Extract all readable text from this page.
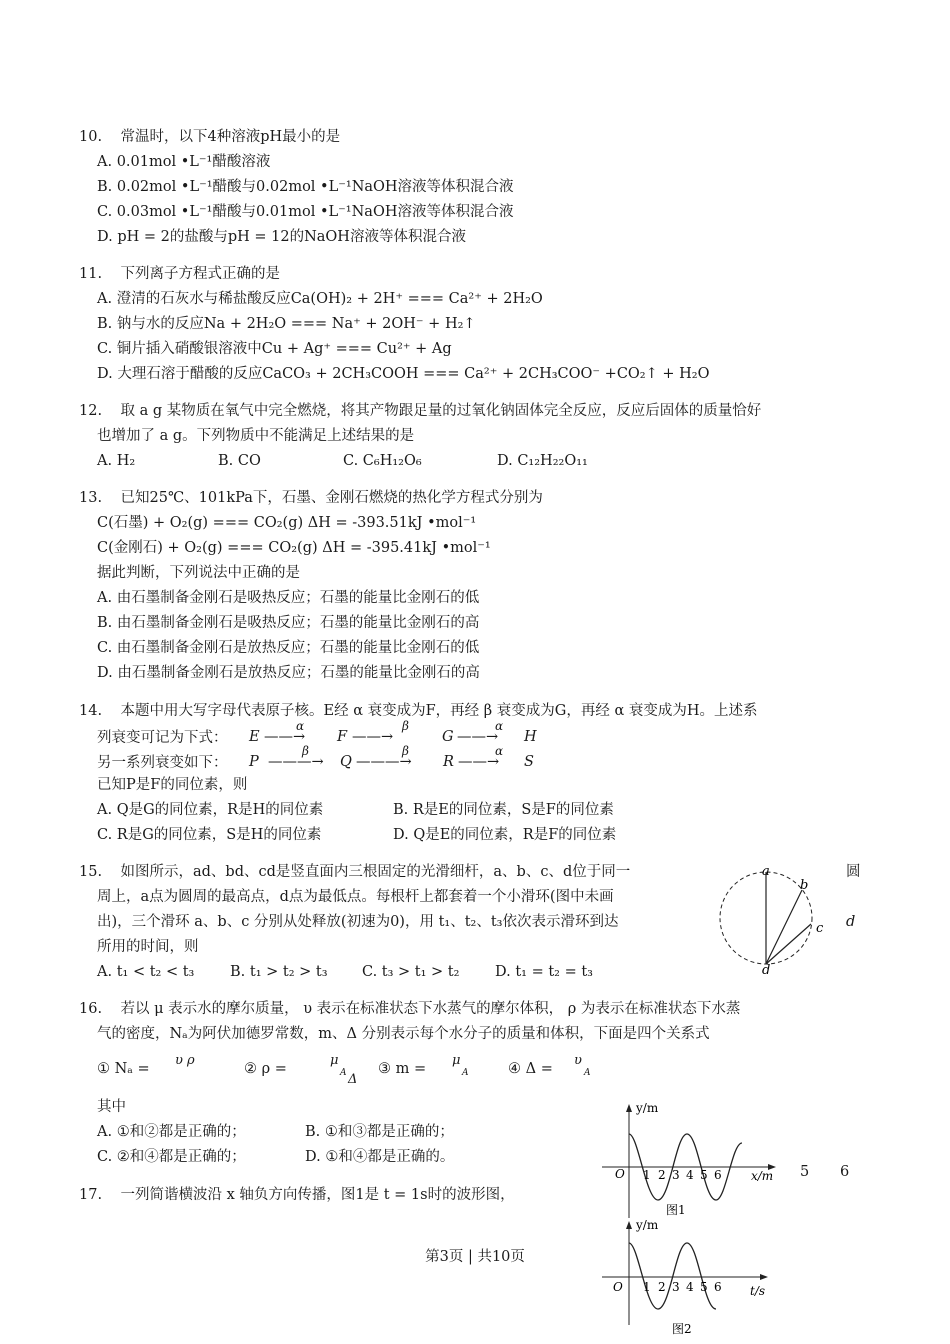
10. 常温时，以下4种溶液pH最小的是
A. 0.01mol •L⁻¹醋酸溶液
B. 0.02mol •L⁻¹醋酸与0.02mol •L⁻¹NaOH溶液等体积混合液
C. 0.03mol •L⁻¹醋酸与0.01mol •L⁻¹NaOH溶液等体积混合液
D. pH = 2的盐酸与pH = 12的NaOH溶液等体积混合液
11. 下列离子方程式正确的是
A. 澄清的石灰水与稀盐酸反应Ca(OH)₂ + 2H⁺ === Ca²⁺ + 2H₂O
B. 钠与水的反应Na + 2H₂O === Na⁺ + 2OH⁻ + H₂↑
C. 铜片插入硝酸银溶液中Cu + Ag⁺ === Cu²⁺ + Ag
D. 大理石溶于醋酸的反应CaCO₃ + 2CH₃COOH === Ca²⁺ + 2CH₃COO⁻ +CO₂↑ + H₂O
12. 取 a g 某物质在氧气中完全燃烧，将其产物跟足量的过氧化钠固体完全反应，反应后固体的质量恰好
也增加了 a g。下列物质中不能满足上述结果的是
A. H₂	B. CO	C. C₆H₁₂O₆	D. C₁₂H₂₂O₁₁
13. 已知25℃、101kPa下，石墨、金刚石燃烧的热化学方程式分别为
C(石墨) + O₂(g) === CO₂(g) ΔH = -393.51kJ •mol⁻¹
C(金刚石) + O₂(g) === CO₂(g) ΔH = -395.41kJ •mol⁻¹
据此判断，下列说法中正确的是
A. 由石墨制备金刚石是吸热反应；石墨的能量比金刚石的低
B. 由石墨制备金刚石是吸热反应；石墨的能量比金刚石的高
C. 由石墨制备金刚石是放热反应；石墨的能量比金刚石的低
D. 由石墨制备金刚石是放热反应；石墨的能量比金刚石的高
14. 本题中用大写字母代表原子核。E经 α 衰变成为F，再经 β 衰变成为G，再经 α 衰变成为H。上述系
列衰变可记为下式： E ——→
α
F ——→
β
G ——→
α
H
另一系列衰变如下： P ———→
β
Q ———→
β
R ——→
α
S
已知P是F的同位素，则
A. Q是G的同位素，R是H的同位素	B. R是E的同位素，S是F的同位素
C. R是G的同位素，S是H的同位素	D. Q是E的同位素，R是F的同位素
15. 如图所示，ad、bd、cd是竖直面内三根固定的光滑细杆，a、b、c、d位于同一	圆
周上，a点为圆周的最高点，d点为最低点。每根杆上都套着一个小滑环(图中未画
出)，三个滑环 a、b、c 分别从处释放(初速为0)，用 t₁、t₂、t₃依次表示滑环到达	d
所用的时间，则
A. t₁ < t₂ < t₃ B. t₁ > t₂ > t₃ C. t₃ > t₁ > t₂ D. t₁ = t₂ = t₃
a
b
c
d
16. 若以 μ 表示水的摩尔质量， υ 表示在标准状态下水蒸气的摩尔体积， ρ 为表示在标准状态下水蒸
气的密度，Nₐ为阿伏加德罗常数，m、Δ 分别表示每个水分子的质量和体积，下面是四个关系式
① Nₐ =
υ ρ
② ρ =
μ
A Δ
③ m =
μ
A	④ Δ =
υ
A
其中
A. ①和②都是正确的；	B. ①和③都是正确的；
C. ②和④都是正确的；	D. ①和④都是正确的。
17. 一列简谐横波沿 x 轴负方向传播，图1是 t = 1s时的波形图，
5 6
y/m
O	x/m
1 2 3 4 5 6
图1
y/m
O	t/s
1 2 3 4 5 6
图2
第3页 | 共10页
